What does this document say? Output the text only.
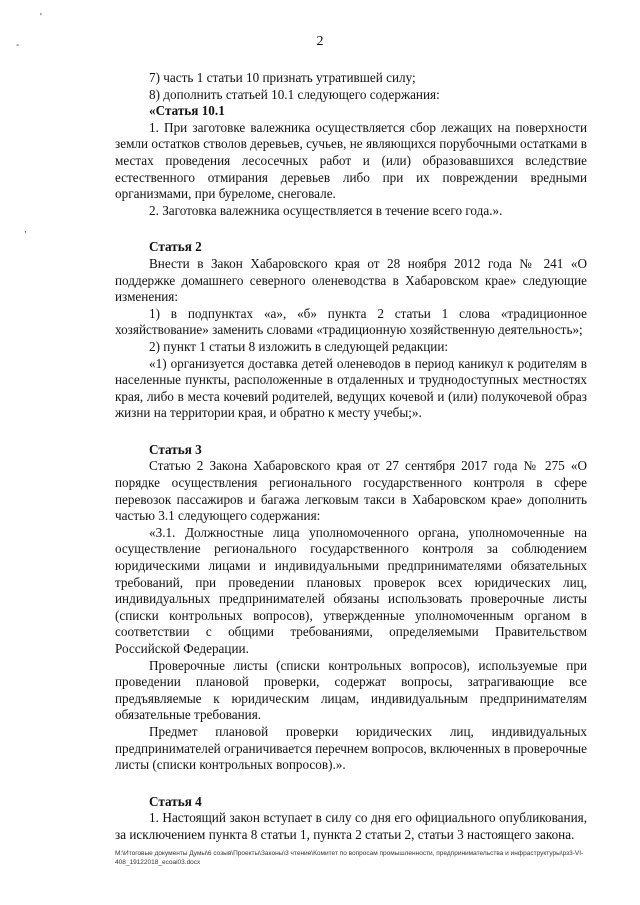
'
-
,
2

7) часть 1 статьи 10 признать утратившей силу;

8) дополнить статьей 10.1 следующего содержания:

«Статья 10.1

1. При заготовке валежника осуществляется сбор лежащих на поверхности земли остатков стволов деревьев, сучьев, не являющихся порубочными остатками в местах проведения лесосечных работ и (или) образовавшихся вследствие естественного отмирания деревьев либо при их повреждении вредными организмами, при буреломе, снеговале.

2. Заготовка валежника осуществляется в течение всего года.».

Статья 2

Внести в Закон Хабаровского края от 28 ноября 2012 года № 241 «О поддержке домашнего северного оленеводства в Хабаровском крае» следующие изменения:

1) в подпунктах «а», «б» пункта 2 статьи 1 слова «традиционное хозяйствование» заменить словами «традиционную хозяйственную деятельность»;

2) пункт 1 статьи 8 изложить в следующей редакции:

«1) организуется доставка детей оленеводов в период каникул к родителям в населенные пункты, расположенные в отдаленных и труднодоступных местностях края, либо в места кочевий родителей, ведущих кочевой и (или) полукочевой образ жизни на территории края, и обратно к месту учебы;».

Статья 3

Статью 2 Закона Хабаровского края от 27 сентября 2017 года № 275 «О порядке осуществления регионального государственного контроля в сфере перевозок пассажиров и багажа легковым такси в Хабаровском крае» дополнить частью 3.1 следующего содержания:

«3.1. Должностные лица уполномоченного органа, уполномоченные на осуществление регионального государственного контроля за соблюдением юридическими лицами и индивидуальными предпринимателями обязательных требований, при проведении плановых проверок всех юридических лиц, индивидуальных предпринимателей обязаны использовать проверочные листы (списки контрольных вопросов), утвержденные уполномоченным органом в соответствии с общими требованиями, определяемыми Правительством Российской Федерации.

Проверочные листы (списки контрольных вопросов), используемые при проведении плановой проверки, содержат вопросы, затрагивающие все предъявляемые к юридическим лицам, индивидуальным предпринимателям обязательные требования.

Предмет плановой проверки юридических лиц, индивидуальных предпринимателей ограничивается перечнем вопросов, включенных в проверочные листы (списки контрольных вопросов).».

Статья 4

1. Настоящий закон вступает в силу со дня его официального опубликования, за исключением пункта 8 статьи 1, пункта 2 статьи 2, статьи 3 настоящего закона.

M:\Итоговые документы Думы\6 созыв\Проекты\Законы\3 чтение\Комитет по вопросам промышленности, предпринимательства и инфраструктуры\рз3-VI-408_19122018_ecoai03.docx
